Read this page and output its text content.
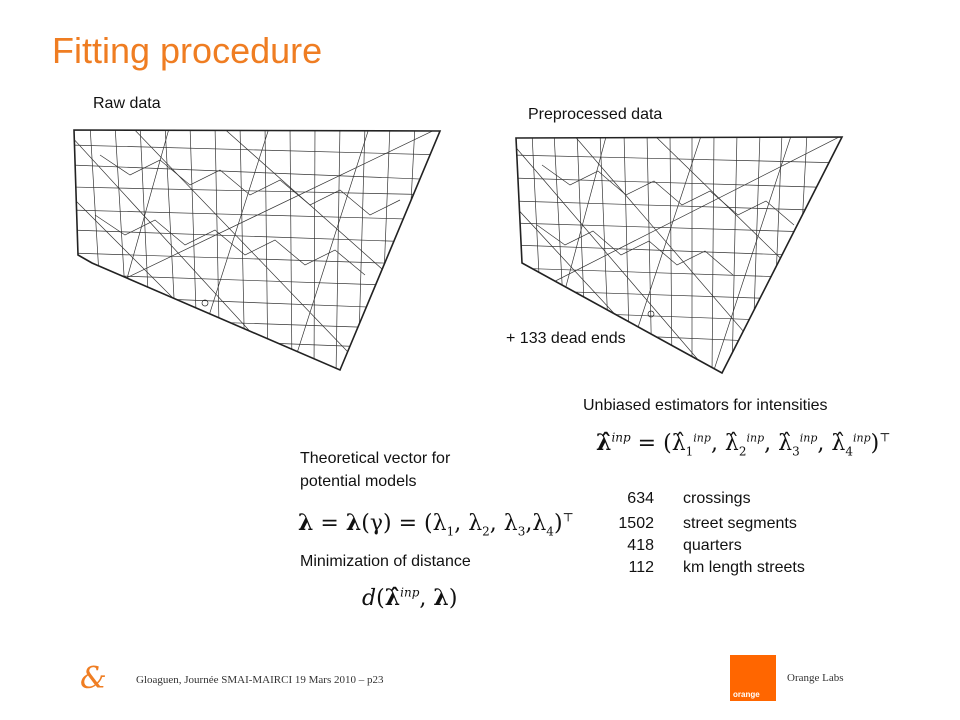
Fitting procedure
Raw data
Preprocessed data
+ 133 dead ends
Unbiased estimators for intensities
λ̂$^{inp}$ = ($\lambdâ_1^{inp}$, $\lambdâ_2^{inp}$, $\lambdâ_3^{inp}$, $\lambdâ_4^{inp})^⊤$
634 crossings
1502 street segments
418 quarters
112 km length streets
Theoretical vector for potential models
$\lambda = \lambda(\gamma) = (\lambda_1$, $\lambda_2$, $\lambda_3,\lambda_4)^⊤$
Minimization of distance
d(λ̂$^{inp}$, λ)
&	Gloaguen, Journée SMAI-MAIRCI 19 Mars 2010 – p23
orange
Orange Labs
